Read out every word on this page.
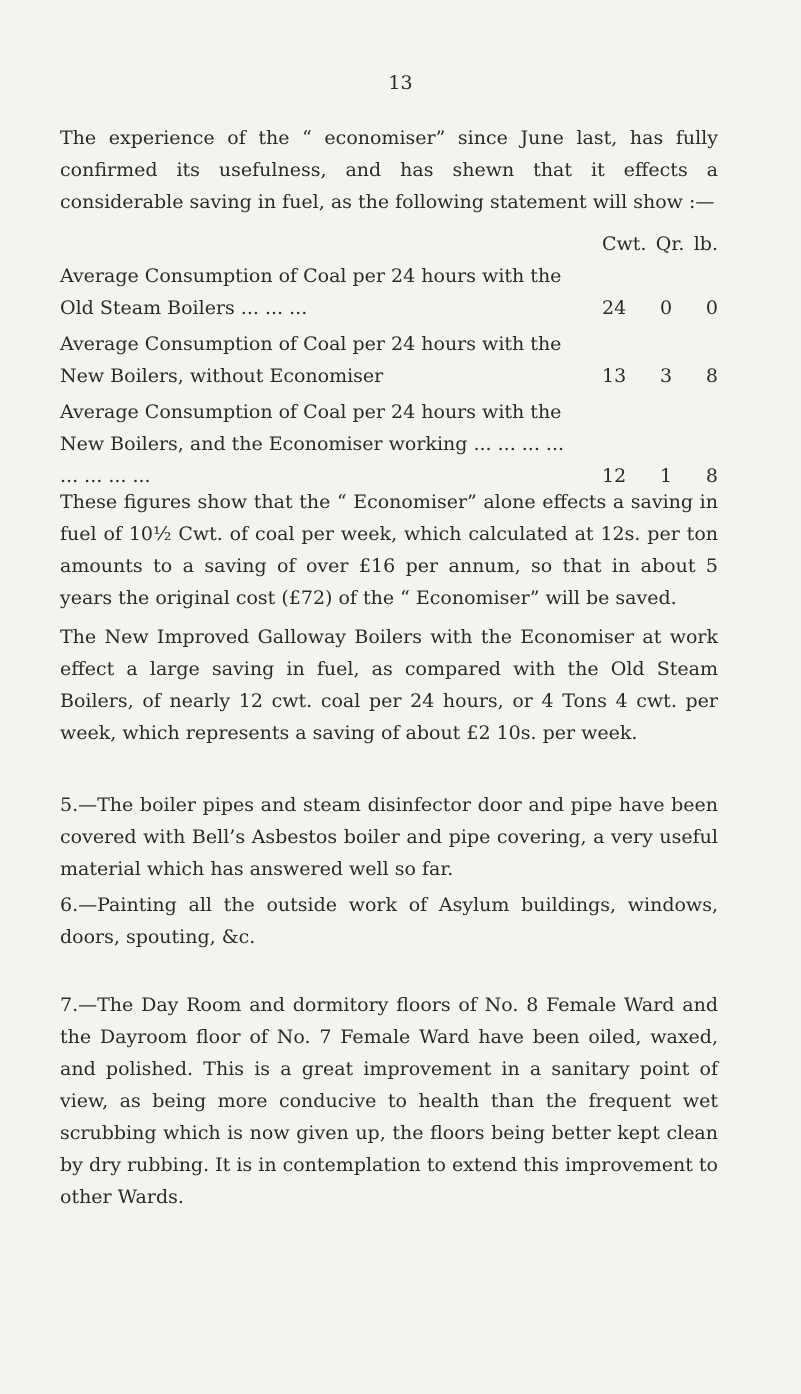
13
The experience of the “ economiser” since June last, has fully confirmed its usefulness, and has shewn that it effects a considerable saving in fuel, as the following statement will show :—
Cwt. Qr. lb.
Average Consumption of Coal per 24 hours with the Old Steam Boilers ... ... ...	24 0 0
Average Consumption of Coal per 24 hours with the New Boilers, without Economiser	13 3 8
Average Consumption of Coal per 24 hours with the New Boilers, and the Economiser working ... ... ... ... ... ... ... ...	12 1 8
These figures show that the “ Economiser” alone effects a saving in fuel of 10½ Cwt. of coal per week, which calculated at 12s. per ton amounts to a saving of over £16 per annum, so that in about 5 years the original cost (£72) of the “ Economiser” will be saved.
The New Improved Galloway Boilers with the Economiser at work effect a large saving in fuel, as compared with the Old Steam Boilers, of nearly 12 cwt. coal per 24 hours, or 4 Tons 4 cwt. per week, which represents a saving of about £2 10s. per week.
5.—The boiler pipes and steam disinfector door and pipe have been covered with Bell’s Asbestos boiler and pipe covering, a very useful material which has answered well so far.
6.—Painting all the outside work of Asylum buildings, windows, doors, spouting, &c.
7.—The Day Room and dormitory floors of No. 8 Female Ward and the Dayroom floor of No. 7 Female Ward have been oiled, waxed, and polished. This is a great improvement in a sanitary point of view, as being more conducive to health than the frequent wet scrubbing which is now given up, the floors being better kept clean by dry rubbing. It is in contemplation to extend this improvement to other Wards.
